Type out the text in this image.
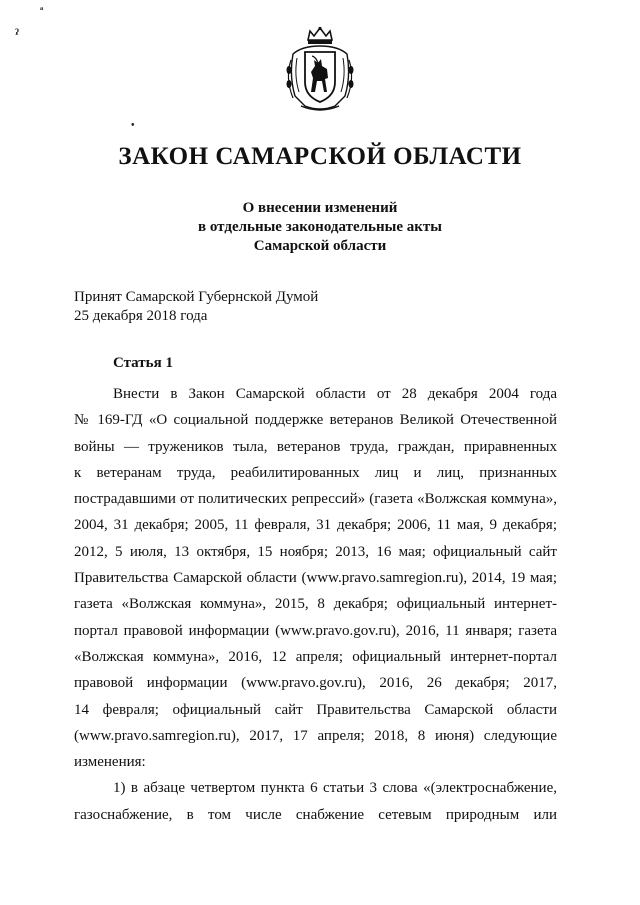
ᵃ
ˀ
•
ЗАКОН САМАРСКОЙ ОБЛАСТИ
О внесении изменений
в отдельные законодательные акты
Самарской области
Принят Самарской Губернской Думой
25 декабря 2018 года
Статья 1
Внести в Закон Самарской области от 28 декабря 2004 года
№ 169-ГД «О социальной поддержке ветеранов Великой Отечественной
войны — тружеников тыла, ветеранов труда, граждан, приравненных
к ветеранам труда, реабилитированных лиц и лиц, признанных
пострадавшими от политических репрессий» (газета «Волжская коммуна»,
2004, 31 декабря; 2005, 11 февраля, 31 декабря; 2006, 11 мая, 9 декабря;
2012, 5 июля, 13 октября, 15 ноября; 2013, 16 мая; официальный сайт
Правительства Самарской области (www.pravo.samregion.ru), 2014, 19 мая;
газета «Волжская коммуна», 2015, 8 декабря; официальный интернет-
портал правовой информации (www.pravo.gov.ru), 2016, 11 января; газета
«Волжская коммуна», 2016, 12 апреля; официальный интернет-портал
правовой информации (www.pravo.gov.ru), 2016, 26 декабря; 2017,
14 февраля; официальный сайт Правительства Самарской области
(www.pravo.samregion.ru), 2017, 17 апреля; 2018, 8 июня) следующие
изменения:
1) в абзаце четвертом пункта 6 статьи 3 слова «(электроснабжение,
газоснабжение, в том числе снабжение сетевым природным или
